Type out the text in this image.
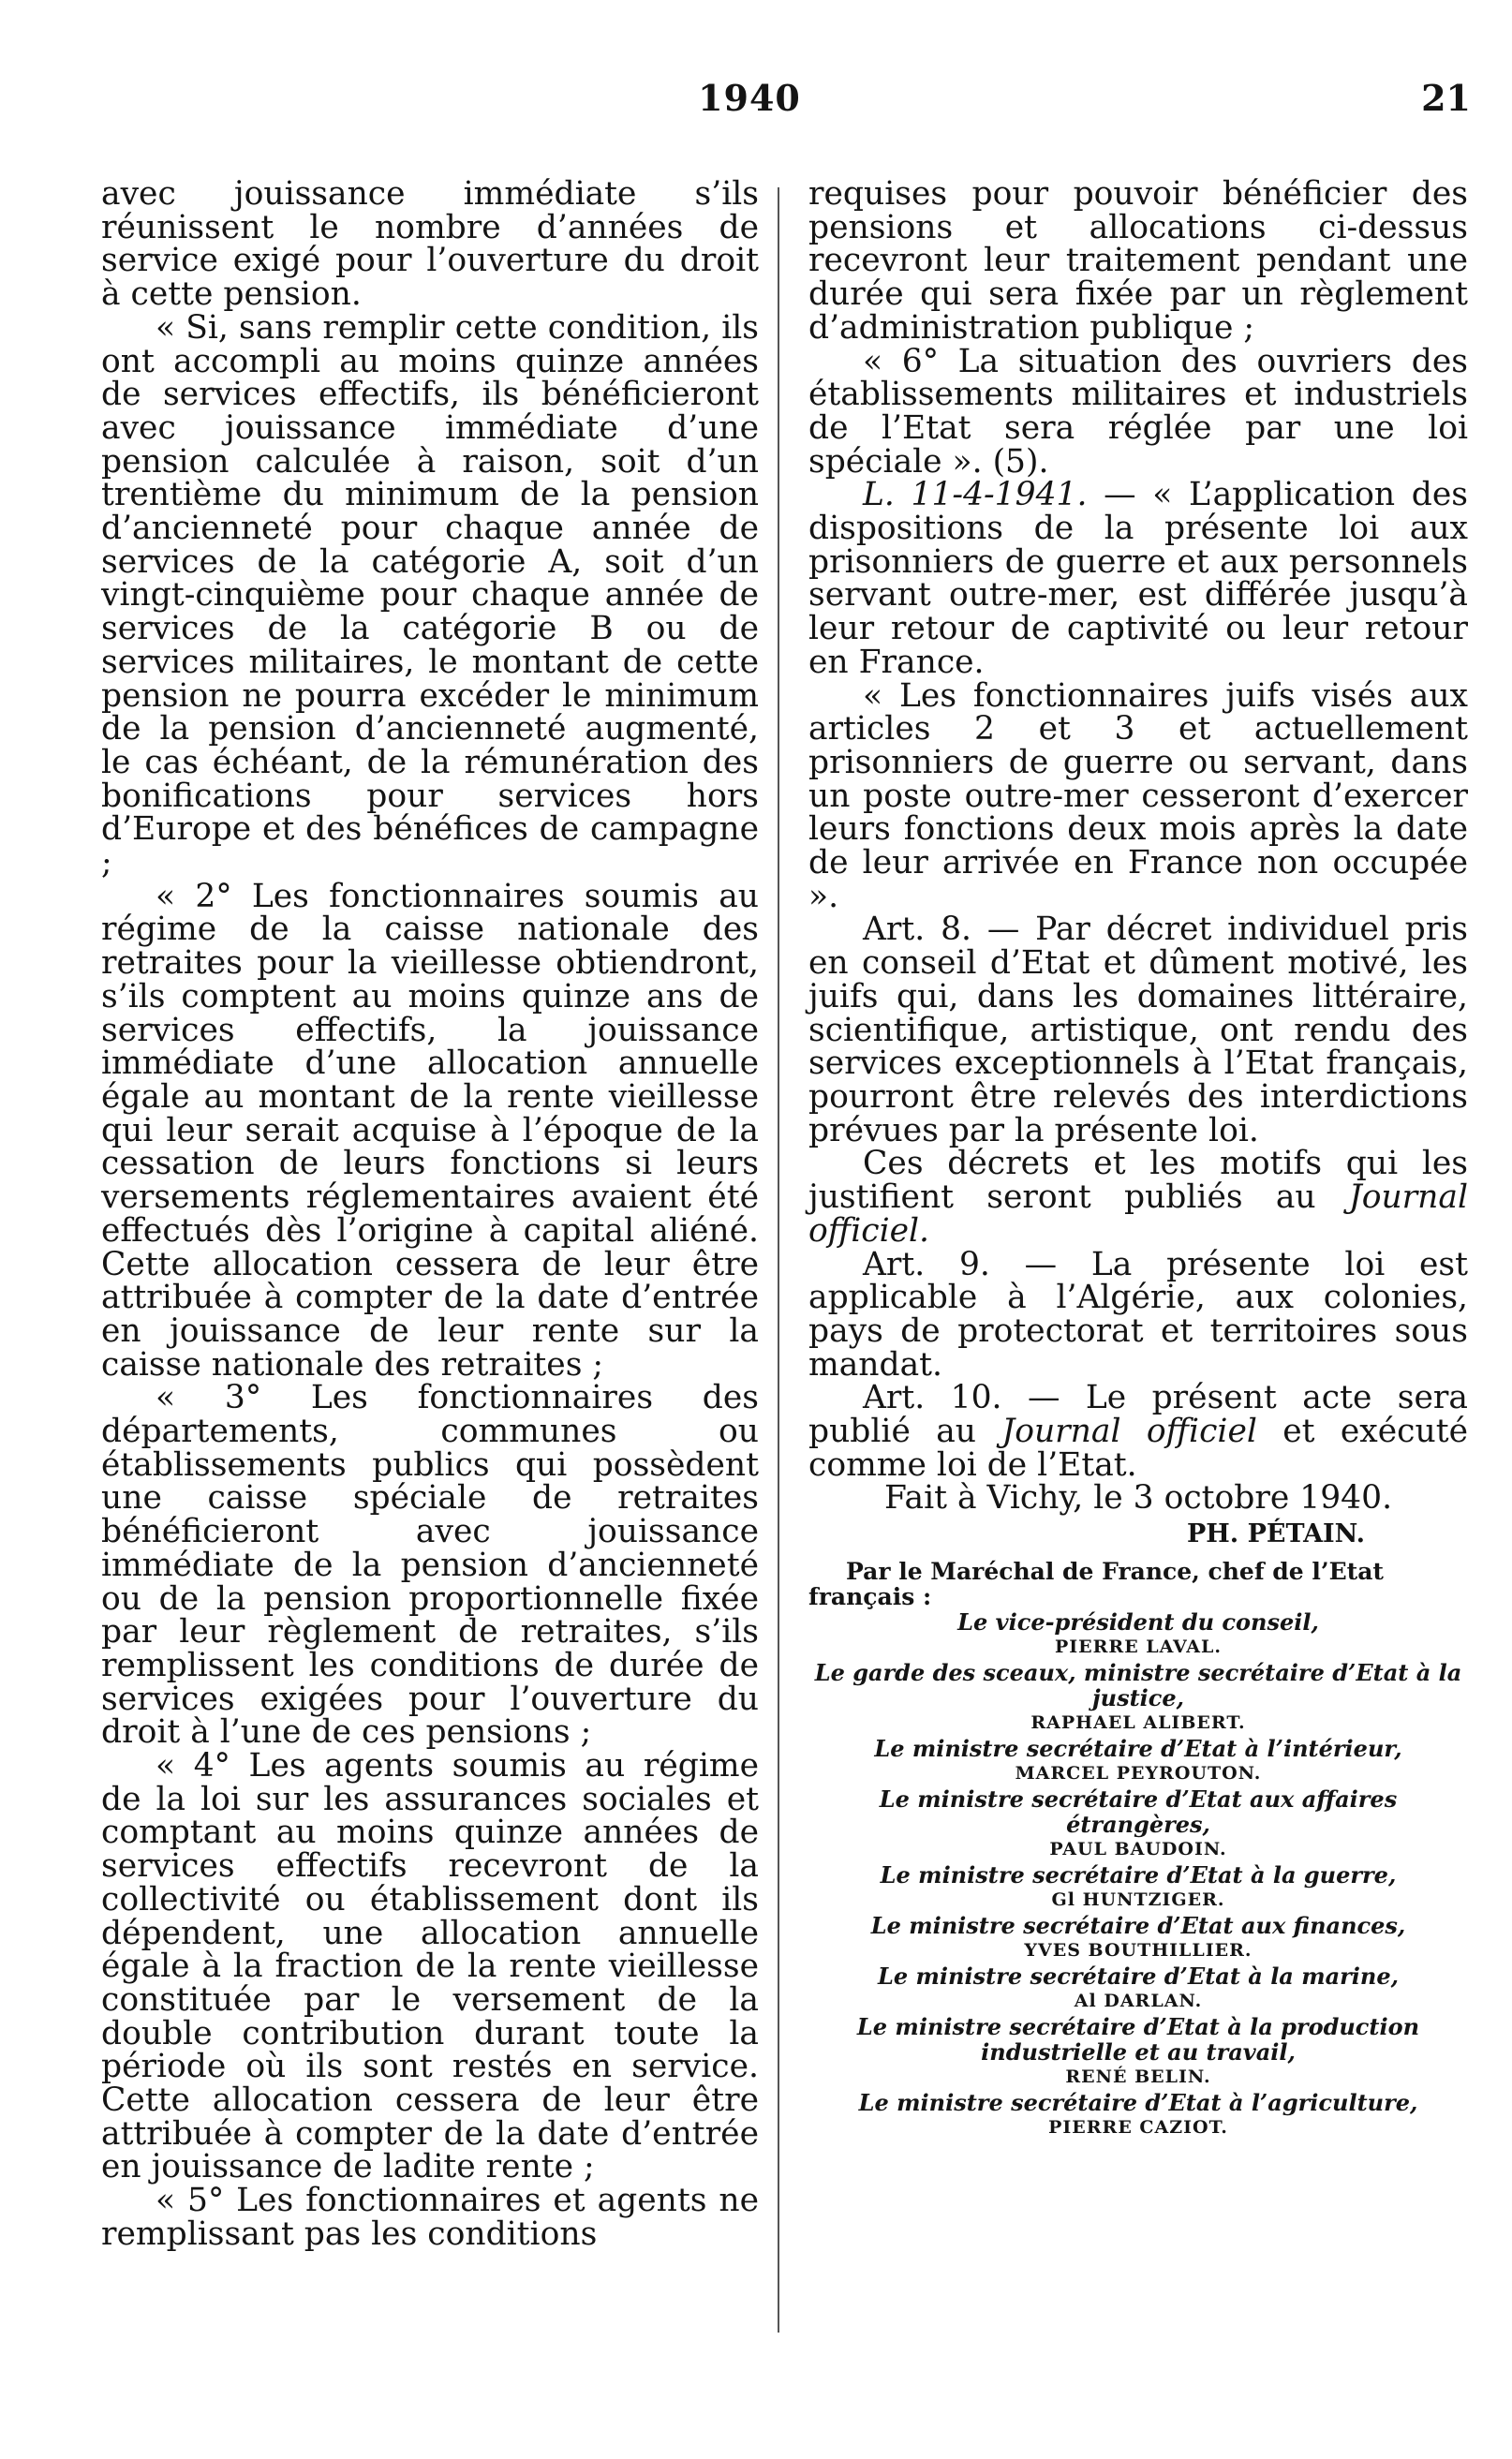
1940	21

avec jouissance immédiate s’ils réunissent le nombre d’années de service exigé pour l’ouverture du droit à cette pension.

« Si, sans remplir cette condition, ils ont accompli au moins quinze années de services effectifs, ils bénéficieront avec jouissance immédiate d’une pension calculée à raison, soit d’un trentième du minimum de la pension d’ancienneté pour chaque année de services de la catégorie A, soit d’un vingt-cinquième pour chaque année de services de la catégorie B ou de services militaires, le montant de cette pension ne pourra excéder le minimum de la pension d’ancienneté augmenté, le cas échéant, de la rémunération des bonifications pour services hors d’Europe et des bénéfices de campagne ;

« 2° Les fonctionnaires soumis au régime de la caisse nationale des retraites pour la vieillesse obtiendront, s’ils comptent au moins quinze ans de services effectifs, la jouissance immédiate d’une allocation annuelle égale au montant de la rente vieillesse qui leur serait acquise à l’époque de la cessation de leurs fonctions si leurs versements réglementaires avaient été effectués dès l’origine à capital aliéné. Cette allocation cessera de leur être attribuée à compter de la date d’entrée en jouissance de leur rente sur la caisse nationale des retraites ;

« 3° Les fonctionnaires des départements, communes ou établissements publics qui possèdent une caisse spéciale de retraites bénéficieront avec jouissance immédiate de la pension d’ancienneté ou de la pension proportionnelle fixée par leur règlement de retraites, s’ils remplissent les conditions de durée de services exigées pour l’ouverture du droit à l’une de ces pensions ;

« 4° Les agents soumis au régime de la loi sur les assurances sociales et comptant au moins quinze années de services effectifs recevront de la collectivité ou établissement dont ils dépendent, une allocation annuelle égale à la fraction de la rente vieillesse constituée par le versement de la double contribution durant toute la période où ils sont restés en service. Cette allocation cessera de leur être attribuée à compter de la date d’entrée en jouissance de ladite rente ;

« 5° Les fonctionnaires et agents ne remplissant pas les conditions

requises pour pouvoir bénéficier des pensions et allocations ci-dessus recevront leur traitement pendant une durée qui sera fixée par un règlement d’administration publique ;

« 6° La situation des ouvriers des établissements militaires et industriels de l’Etat sera réglée par une loi spéciale ». (5).

L. 11-4-1941. — « L’application des dispositions de la présente loi aux prisonniers de guerre et aux personnels servant outre-mer, est différée jusqu’à leur retour de captivité ou leur retour en France.

« Les fonctionnaires juifs visés aux articles 2 et 3 et actuellement prisonniers de guerre ou servant, dans un poste outre-mer cesseront d’exercer leurs fonctions deux mois après la date de leur arrivée en France non occupée ».

Art. 8. — Par décret individuel pris en conseil d’Etat et dûment motivé, les juifs qui, dans les domaines littéraire, scientifique, artistique, ont rendu des services exceptionnels à l’Etat français, pourront être relevés des interdictions prévues par la présente loi.

Ces décrets et les motifs qui les justifient seront publiés au Journal officiel.

Art. 9. — La présente loi est applicable à l’Algérie, aux colonies, pays de protectorat et territoires sous mandat.

Art. 10. — Le présent acte sera publié au Journal officiel et exécuté comme loi de l’Etat.

Fait à Vichy, le 3 octobre 1940.

PH. PÉTAIN.
Par le Maréchal de France, chef de l’Etat français :
Le vice-président du conseil,
PIERRE LAVAL.
Le garde des sceaux, ministre secrétaire d’Etat à la justice,
RAPHAEL ALIBERT.
Le ministre secrétaire d’Etat à l’intérieur,
MARCEL PEYROUTON.
Le ministre secrétaire d’Etat aux affaires étrangères,
PAUL BAUDOIN.
Le ministre secrétaire d’Etat à la guerre,
Gl HUNTZIGER.
Le ministre secrétaire d’Etat aux finances,
YVES BOUTHILLIER.
Le ministre secrétaire d’Etat à la marine,
Al DARLAN.
Le ministre secrétaire d’Etat à la production industrielle et au travail,
RENÉ BELIN.
Le ministre secrétaire d’Etat à l’agriculture,
PIERRE CAZIOT.
